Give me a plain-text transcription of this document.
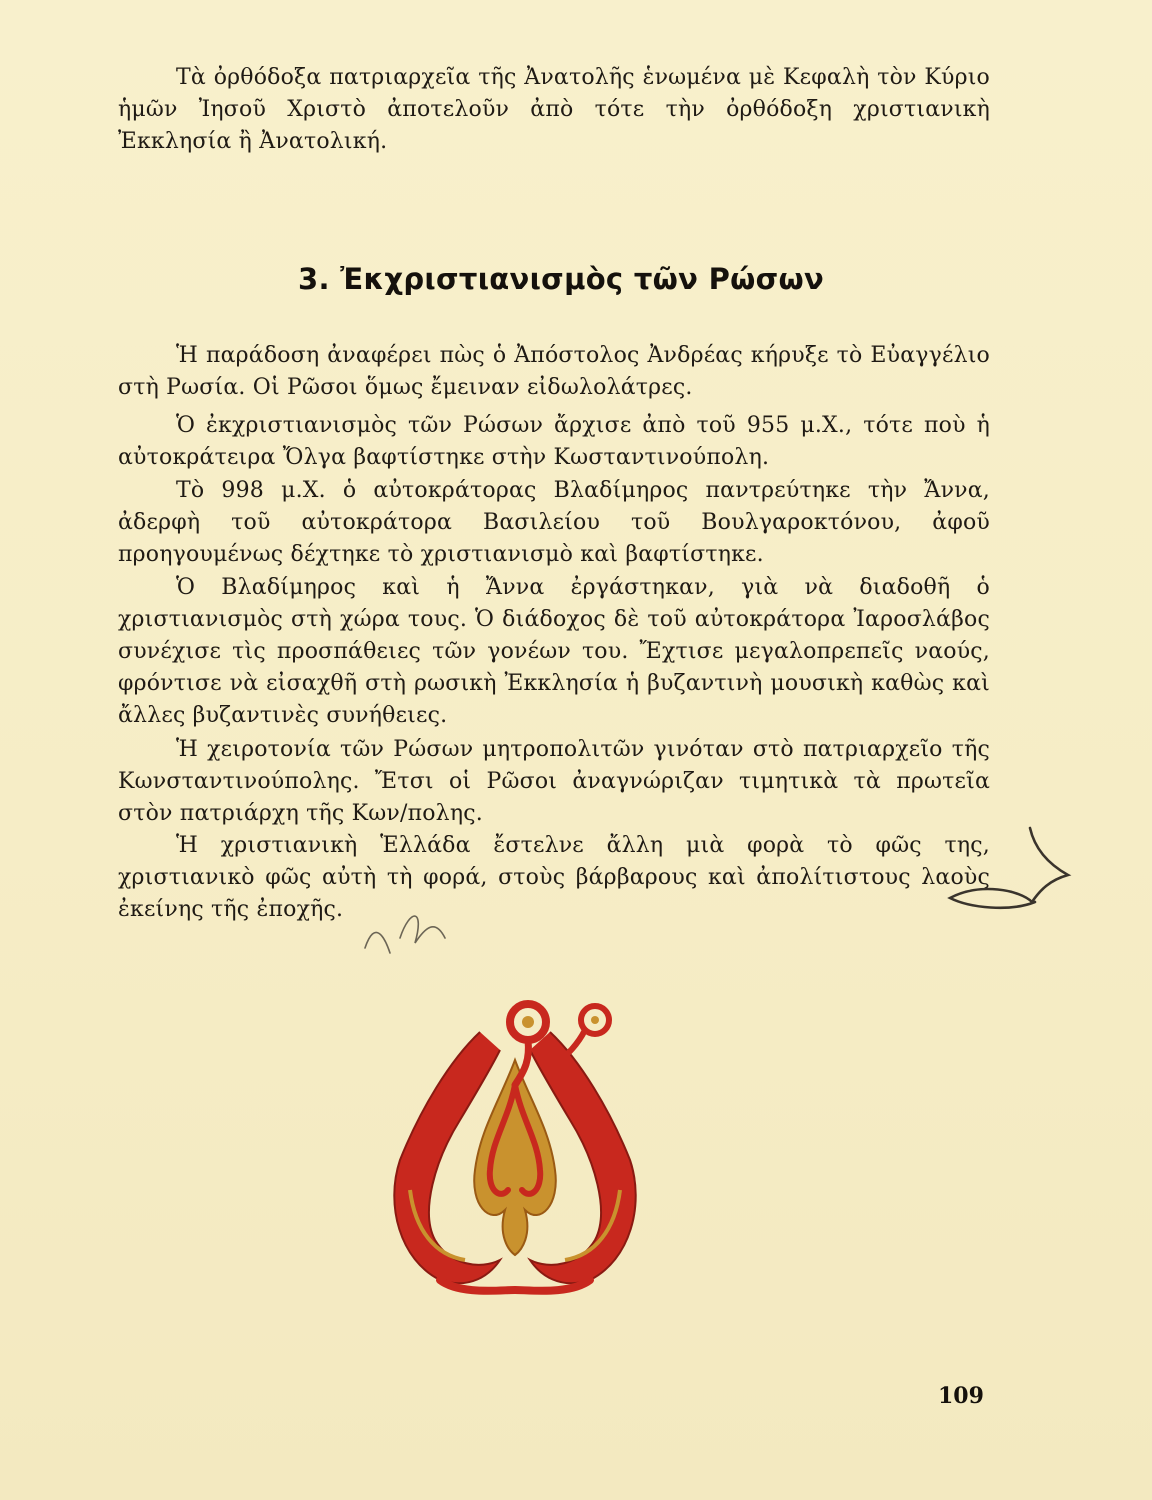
Τὰ ὀρθόδοξα πατριαρχεῖα τῆς Ἀνατολῆς ἑνωμένα μὲ Κεφαλὴ τὸν Κύριο ἡμῶν Ἰησοῦ Χριστὸ ἀποτελοῦν ἀπὸ τότε τὴν ὀρθόδοξη χριστιανικὴ Ἐκκλησία ἢ Ἀνατολική.
3. Ἐκχριστιανισμὸς τῶν Ρώσων

Ἡ παράδοση ἀναφέρει πὼς ὁ Ἀπόστολος Ἀνδρέας κήρυξε τὸ Εὐαγγέλιο στὴ Ρωσία. Οἱ Ρῶσοι ὅμως ἔμειναν εἰδωλολάτρες.

Ὁ ἐκχριστιανισμὸς τῶν Ρώσων ἄρχισε ἀπὸ τοῦ 955 μ.Χ., τότε ποὺ ἡ αὐτοκράτειρα Ὄλγα βαφτίστηκε στὴν Κωσταντινούπολη.

Τὸ 998 μ.Χ. ὁ αὐτοκράτορας Βλαδίμηρος παντρεύτηκε τὴν Ἄννα, ἀδερφὴ τοῦ αὐτοκράτορα Βασιλείου τοῦ Βουλγαροκτόνου, ἀφοῦ προηγουμένως δέχτηκε τὸ χριστιανισμὸ καὶ βαφτίστηκε.

Ὁ Βλαδίμηρος καὶ ἡ Ἄννα ἐργάστηκαν, γιὰ νὰ διαδοθῆ ὁ χριστιανισμὸς στὴ χώρα τους. Ὁ διάδοχος δὲ τοῦ αὐτοκράτορα Ἰαροσλάβος συνέχισε τὶς προσπάθειες τῶν γονέων του. Ἔχτισε μεγαλοπρεπεῖς ναούς, φρόντισε νὰ εἰσαχθῆ στὴ ρωσικὴ Ἐκκλησία ἡ βυζαντινὴ μουσικὴ καθὼς καὶ ἄλλες βυζαντινὲς συνήθειες.

Ἡ χειροτονία τῶν Ρώσων μητροπολιτῶν γινόταν στὸ πατριαρχεῖο τῆς Κωνσταντινούπολης. Ἔτσι οἱ Ρῶσοι ἀναγνώριζαν τιμητικὰ τὰ πρωτεῖα στὸν πατριάρχη τῆς Κων/πολης.

Ἡ χριστιανικὴ Ἑλλάδα ἔστελνε ἄλλη μιὰ φορὰ τὸ φῶς της, χριστιανικὸ φῶς αὐτὴ τὴ φορά, στοὺς βάρβαρους καὶ ἀπολίτιστους λαοὺς ἐκείνης τῆς ἐποχῆς.

109
